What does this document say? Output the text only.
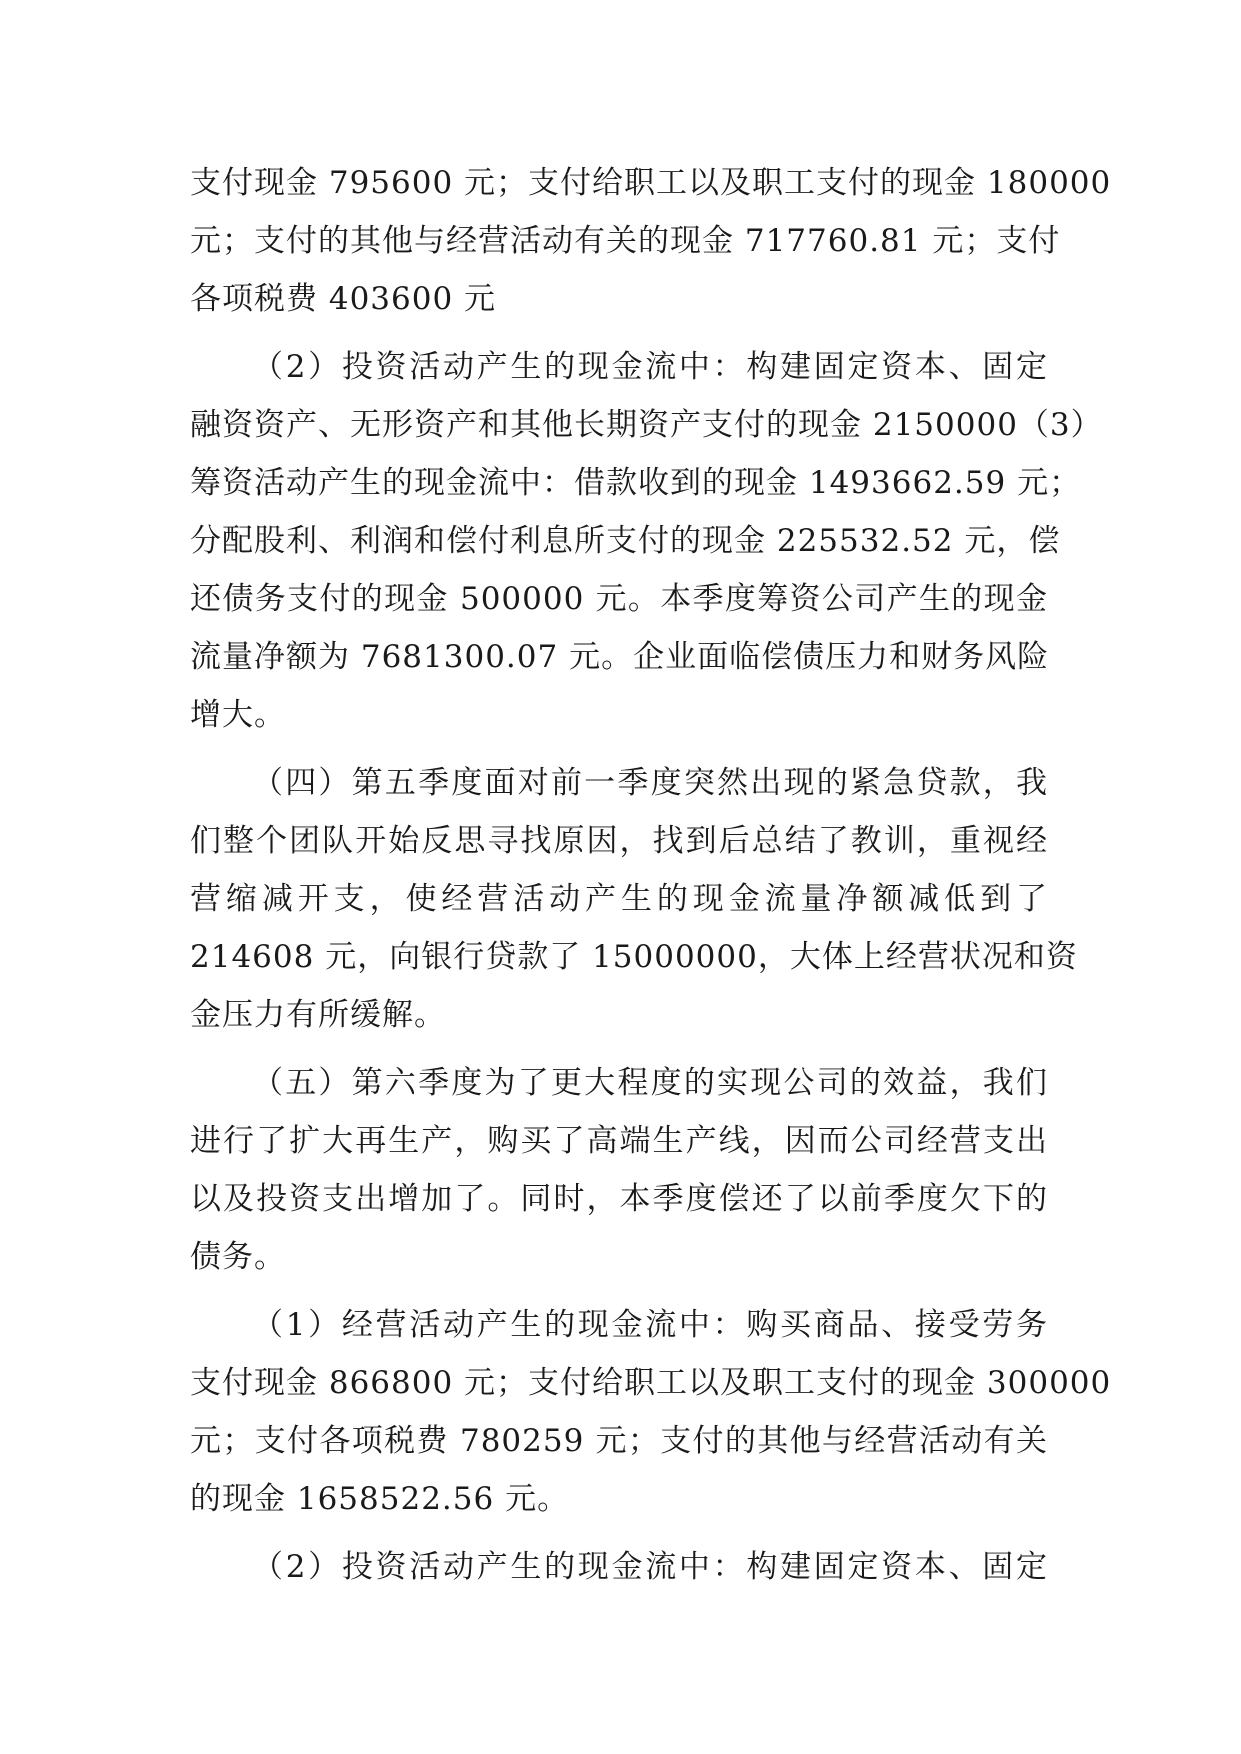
支付现金 795600 元；支付给职工以及职工支付的现金 180000
元；支付的其他与经营活动有关的现金 717760.81 元；支付
各项税费 403600 元
（2）投资活动产生的现金流中：构建固定资本、固定
融资资产、无形资产和其他长期资产支付的现金 2150000（3）
筹资活动产生的现金流中：借款收到的现金 1493662.59 元；
分配股利、利润和偿付利息所支付的现金 225532.52 元，偿
还债务支付的现金 500000 元。本季度筹资公司产生的现金
流量净额为 7681300.07 元。企业面临偿债压力和财务风险
增大。
（四）第五季度面对前一季度突然出现的紧急贷款，我
们整个团队开始反思寻找原因，找到后总结了教训，重视经
营缩减开支，使经营活动产生的现金流量净额减低到了
214608 元，向银行贷款了 15000000，大体上经营状况和资
金压力有所缓解。
（五）第六季度为了更大程度的实现公司的效益，我们
进行了扩大再生产，购买了高端生产线，因而公司经营支出
以及投资支出增加了。同时，本季度偿还了以前季度欠下的
债务。
（1）经营活动产生的现金流中：购买商品、接受劳务
支付现金 866800 元；支付给职工以及职工支付的现金 300000
元；支付各项税费 780259 元；支付的其他与经营活动有关
的现金 1658522.56 元。
（2）投资活动产生的现金流中：构建固定资本、固定
